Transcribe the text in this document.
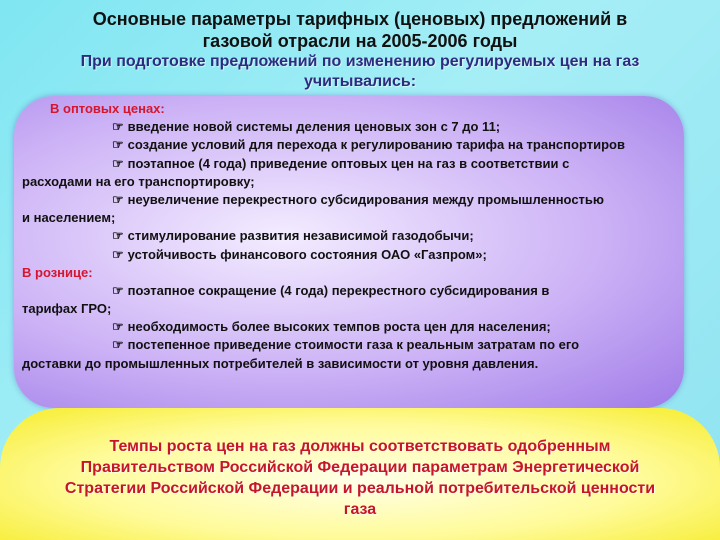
Основные параметры тарифных (ценовых) предложений в
газовой отрасли на 2005-2006 годы
При подготовке предложений по изменению регулируемых цен на газ
учитывались:
В оптовых ценах:
☞ введение новой системы деления ценовых зон с 7 до 11;
☞ создание условий для перехода к регулированию тарифа на транспортиров
☞ поэтапное (4 года) приведение оптовых цен на газ в соответствии с
расходами на его транспортировку;
☞ неувеличение перекрестного субсидирования между промышленностью
и населением;
☞ стимулирование развития независимой газодобычи;
☞ устойчивость финансового состояния ОАО «Газпром»;
В рознице:
☞ поэтапное сокращение (4 года) перекрестного субсидирования в
тарифах ГРО;
☞ необходимость более высоких темпов роста цен для населения;
☞ постепенное приведение стоимости газа к реальным затратам по его
доставки до промышленных потребителей в зависимости от уровня давления.
Темпы роста цен на газ должны соответствовать одобренным
Правительством Российской Федерации параметрам Энергетической
Стратегии Российской Федерации и реальной потребительской ценности
газа
